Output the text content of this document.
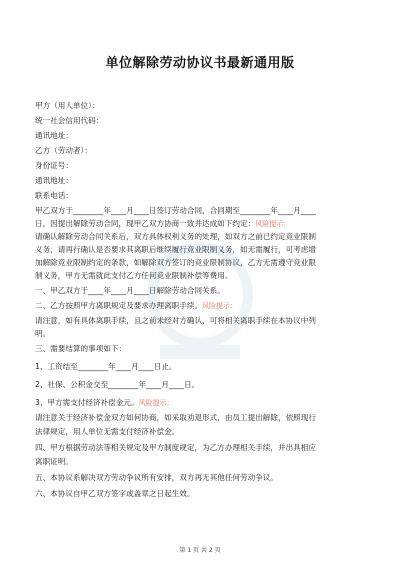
单位解除劳动协议书最新通用版
甲方（用人单位）：
统一社会信用代码：
通讯地址：
乙方（劳动者）：
身份证号：
通讯地址：
联系电话：
甲乙双方于________年____月____日签订劳动合同，合同期至________年____月____
日，因提出解除劳动合同，现甲乙双方协商一致并达成如下约定：风险提示：
请确认解除劳动合同关系后，双方具体权利义务的处理，如双方之前已约定竞业限制
义务，请再行确认是否要求其离职后继续履行竞业限制义务，如无需履行，可考虑增
加解除竞业限制约定的条款，如解除双方签订的竞业限制协议，乙方无需遵守竞业限
制义务，甲方无需就此支付乙方任何竞业限制补偿等费用。
一、甲乙双方于____年____月____日解除劳动合同关系。
二、乙方按照甲方离职规定及要求办理离职手续。风险提示：
请注意，如有具体离职手续，且之前未经对方确认，可将相关离职手续在本协议中列
明。
三、需要结算的事项如下：
1、工资结至________年____月____日止。
2、社保、公积金交至________年____月____日。
3、甲方需支付经济补偿金元。风险提示：
请注意关于经济补偿金双方如何协商，如采取劝退形式，由员工提出解除，依照现行
法律规定，用人单位无需支付经济补偿金。
四、甲方根据劳动法等相关规定及甲方制度规定，为乙方办理相关手续，并出具相应
离职证明。
五、本协议系解决双方劳动争议所有安排，双方再无其他任何劳动争议。
六、本协议自甲乙双方签字或盖章之日起生效。
第 1 页 共 2 页
